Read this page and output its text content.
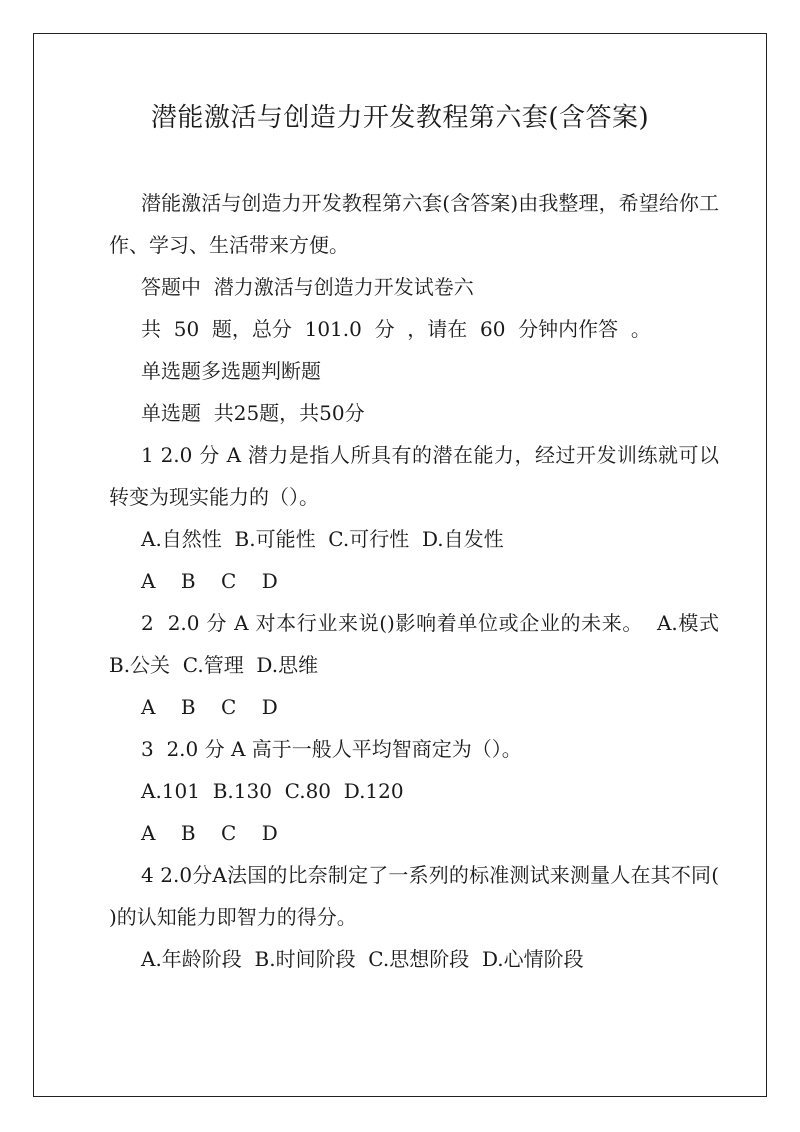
潜能激活与创造力开发教程第六套(含答案)

潜能激活与创造力开发教程第六套(含答案)由我整理，希望给你工作、学习、生活带来方便。

答题中  潜力激活与创造力开发试卷六

共  50  题，总分  101.0  分  ，请在  60  分钟内作答  。

单选题多选题判断题

单选题  共25题，共50分

1 2.0 分 A 潜力是指人所具有的潜在能力，经过开发训练就可以转变为现实能力的（）。

A.自然性  B.可能性  C.可行性  D.自发性

A    B    C    D

2  2.0 分 A 对本行业来说()影响着单位或企业的未来。  A.模式  B.公关  C.管理  D.思维

A    B    C    D

3  2.0 分 A 高于一般人平均智商定为（）。

A.101  B.130  C.80  D.120

A    B    C    D

4 2.0分A法国的比奈制定了一系列的标准测试来测量人在其不同( )的认知能力即智力的得分。

A.年龄阶段  B.时间阶段  C.思想阶段  D.心情阶段
